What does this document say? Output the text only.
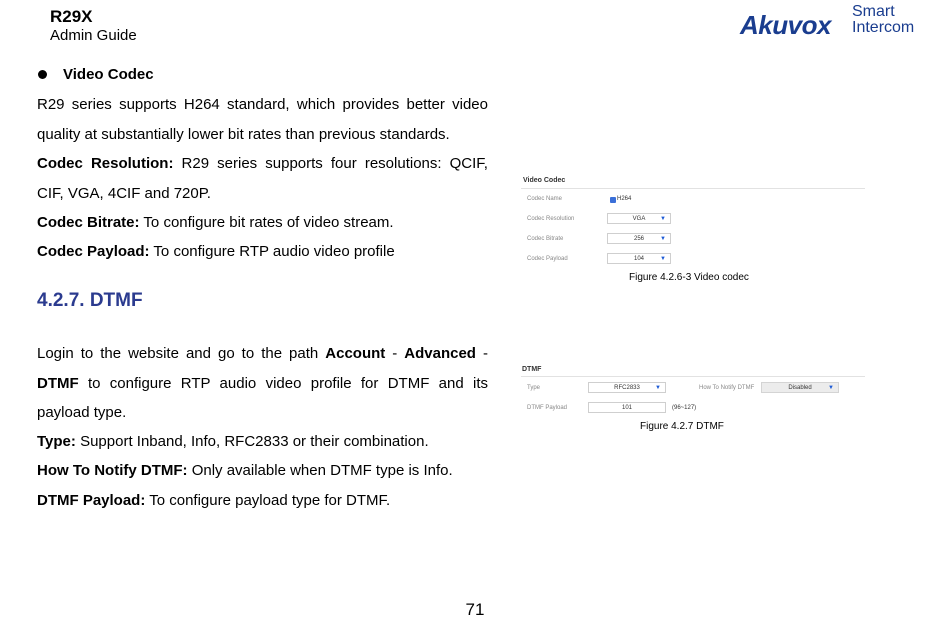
R29X
Admin Guide	Akuvox Smart
Intercom
Video Codec
R29 series supports H264 standard, which provides better video quality at substantially lower bit rates than previous standards.
Codec Resolution: R29 series supports four resolutions: QCIF, CIF, VGA, 4CIF and 720P.
Codec Bitrate: To configure bit rates of video stream.
Codec Payload: To configure RTP audio video profile
4.2.7. DTMF
Login to the website and go to the path Account - Advanced - DTMF to configure RTP audio video profile for DTMF and its payload type.
Type: Support Inband, Info, RFC2833 or their combination.
How To Notify DTMF: Only available when DTMF type is Info.
DTMF Payload: To configure payload type for DTMF.
Video Codec
Codec Name	H264
Codec Resolution	VGA ▼
Codec Bitrate	256	▼
Codec Payload	104	▼
Figure 4.2.6-3 Video codec
DTMF
Type	RFC2833	▼	How To Notify DTMF	Disabled	▼
DTMF Payload	101	(96~127)
Figure 4.2.7 DTMF
71
